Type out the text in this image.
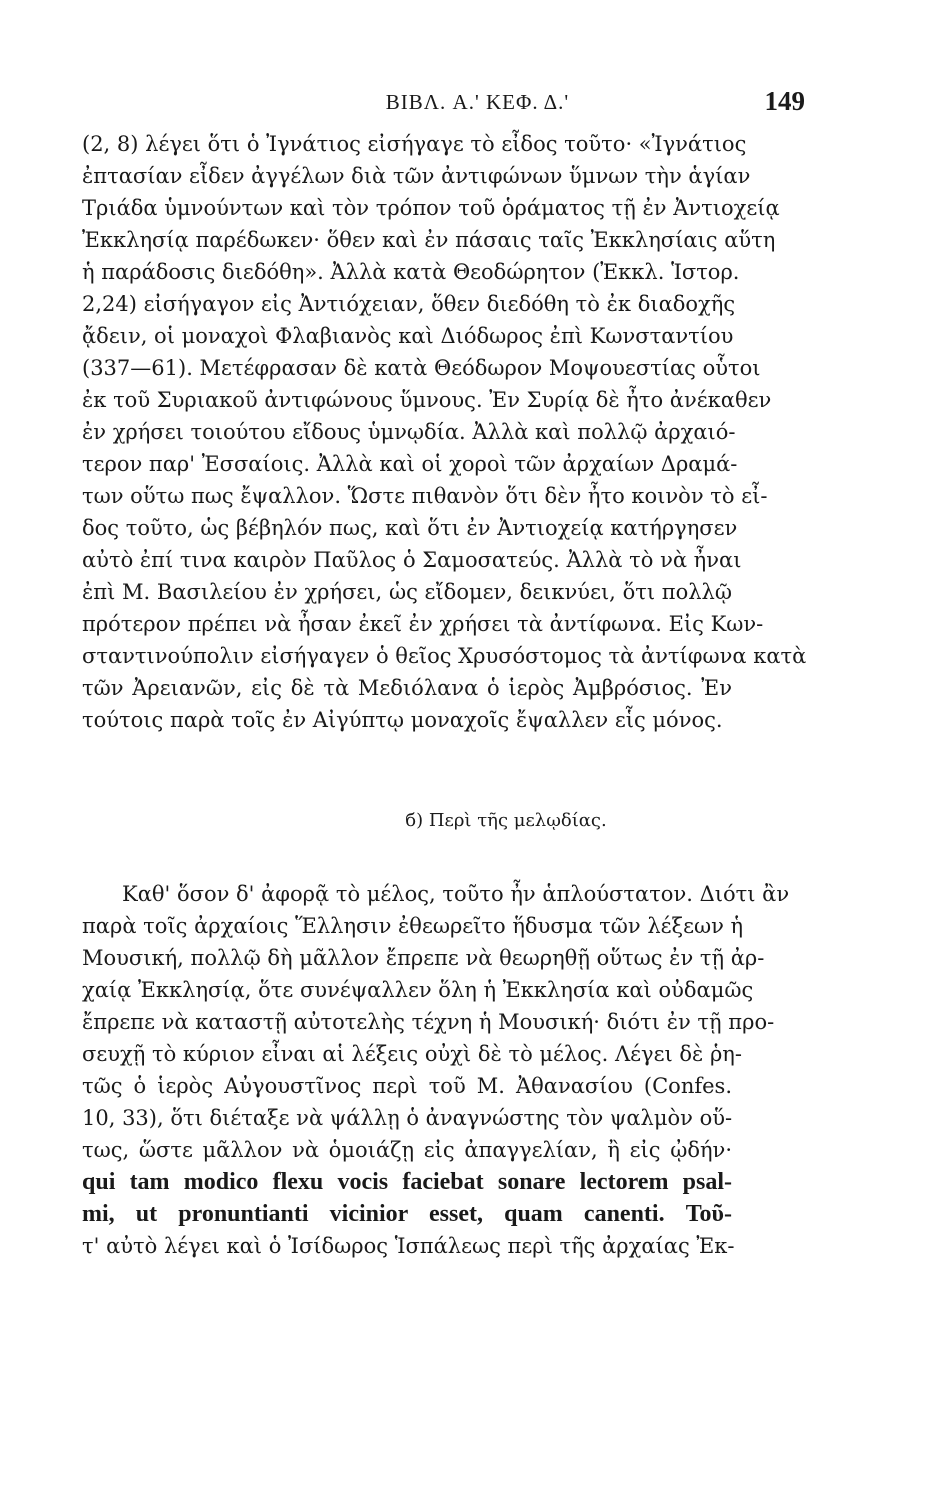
BIBΛ. A.' KEΦ. Δ.'	149
(2, 8) λέγει ὅτι ὁ Ἰγνάτιος εἰσήγαγε τὸ εἶδος τοῦτο· «Ἰγνάτιος
ἐπτασίαν εἶδεν ἀγγέλων διὰ τῶν ἀντιφώνων ὕμνων τὴν ἁγίαν
Τριάδα ὑμνούντων καὶ τὸν τρόπον τοῦ ὁράματος τῇ ἐν Ἀντιοχείᾳ
Ἐκκλησίᾳ παρέδωκεν· ὅθεν καὶ ἐν πάσαις ταῖς Ἐκκλησίαις αὕτη
ἡ παράδοσις διεδόθη». Ἀλλὰ κατὰ Θεοδώρητον (Ἐκκλ. Ἱστορ.
2,24) εἰσήγαγον εἰς Ἀντιόχειαν, ὅθεν διεδόθη τὸ ἐκ διαδοχῆς
ᾄδειν, οἱ μοναχοὶ Φλαβιανὸς καὶ Διόδωρος ἐπὶ Κωνσταντίου
(337—61). Μετέφρασαν δὲ κατὰ Θεόδωρον Μοψουεστίας οὗτοι
ἐκ τοῦ Συριακοῦ ἀντιφώνους ὕμνους. Ἐν Συρίᾳ δὲ ἦτο ἀνέκαθεν
ἐν χρήσει τοιούτου εἴδους ὑμνῳδία. Ἀλλὰ καὶ πολλῷ ἀρχαιό-
τερον παρ' Ἐσσαίοις. Ἀλλὰ καὶ οἱ χοροὶ τῶν ἀρχαίων Δραμά-
των οὕτω πως ἔψαλλον. Ὥστε πιθανὸν ὅτι δὲν ἦτο κοινὸν τὸ εἶ-
δος τοῦτο, ὡς βέβηλόν πως, καὶ ὅτι ἐν Ἀντιοχείᾳ κατήργησεν
αὐτὸ ἐπί τινα καιρὸν Παῦλος ὁ Σαμοσατεύς. Ἀλλὰ τὸ νὰ ἦναι
ἐπὶ Μ. Βασιλείου ἐν χρήσει, ὡς εἴδομεν, δεικνύει, ὅτι πολλῷ
πρότερον πρέπει νὰ ἦσαν ἐκεῖ ἐν χρήσει τὰ ἀντίφωνα. Εἰς Κων-
σταντινούπολιν εἰσήγαγεν ὁ θεῖος Χρυσόστομος τὰ ἀντίφωνα κατὰ
τῶν Ἀρειανῶν, εἰς δὲ τὰ Μεδιόλανα ὁ ἱερὸς Ἀμβρόσιος. Ἐν
τούτοις παρὰ τοῖς ἐν Αἰγύπτῳ μοναχοῖς ἔψαλλεν εἷς μόνος.
б) Περὶ τῆς μελῳδίας.
Καθ' ὅσον δ' ἀφορᾷ τὸ μέλος, τοῦτο ἦν ἁπλούστατον. Διότι ἂν
παρὰ τοῖς ἀρχαίοις Ἕλλησιν ἐθεωρεῖτο ἥδυσμα τῶν λέξεων ἡ
Μουσική, πολλῷ δὴ μᾶλλον ἔπρεπε νὰ θεωρηθῇ οὕτως ἐν τῇ ἀρ-
χαίᾳ Ἐκκλησίᾳ, ὅτε συνέψαλλεν ὅλη ἡ Ἐκκλησία καὶ οὐδαμῶς
ἔπρεπε νὰ καταστῇ αὐτοτελὴς τέχνη ἡ Μουσική· διότι ἐν τῇ προ-
σευχῇ τὸ κύριον εἶναι αἱ λέξεις οὐχὶ δὲ τὸ μέλος. Λέγει δὲ ῥη-
τῶς ὁ ἱερὸς Αὐγουστῖνος περὶ τοῦ Μ. Ἀθανασίου (Confes.
10, 33), ὅτι διέταξε νὰ ψάλλῃ ὁ ἀναγνώστης τὸν ψαλμὸν οὕ-
τως, ὥστε μᾶλλον νὰ ὁμοιάζῃ εἰς ἀπαγγελίαν, ἢ εἰς ᾠδήν·
qui tam modico flexu vocis faciebat sonare lectorem psal-
mi, ut pronuntianti vicinior esset, quam canenti. Τοῦ-
τ' αὐτὸ λέγει καὶ ὁ Ἰσίδωρος Ἱσπάλεως περὶ τῆς ἀρχαίας Ἐκ-
